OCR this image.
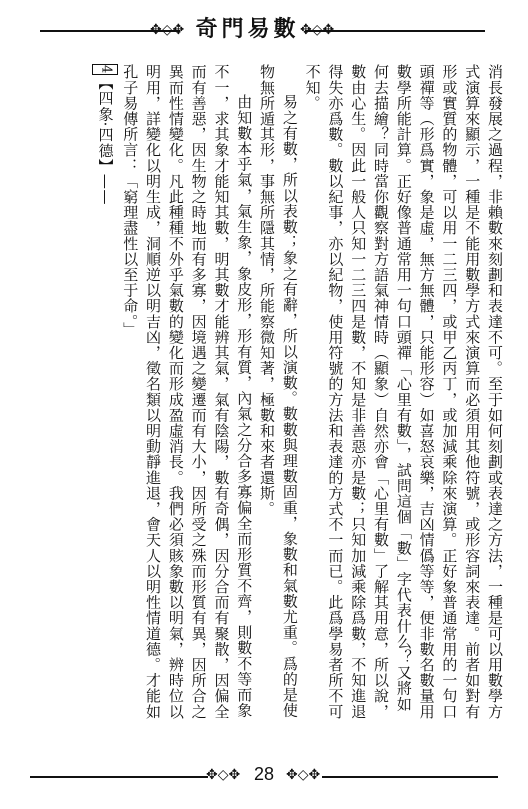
✥◇✥ 奇門易數 ✥◇✥

消長發展之過程，非賴數來刻劃和表達不可。至于如何刻劃或表達之方法，一種是可以用數學方式演算來顯示，一種是不能用數學方式來演算而必須用其他符號，或形容詞來表達。前者如對有形或實質的物體，可以用一二三四，或甲乙丙丁，或加減乘除來演算。正好象普通常用的一句口頭禪等（形爲實，象是虛，無方無體，只能形容）如喜怒哀樂，吉凶情僞等等，便非數名數量用數學所能計算。正好像普通常用一句口頭禪「心里有數」，試問這個「數」字代表什么？又將如何去描繪？同時當你觀察對方語氣神情時（顯象）自然亦會「心里有數」了解其用意，所以說，數由心生。因此一般人只知一二三四是數，不知是非善惡亦是數；只知加減乘除爲數，不知進退得失亦爲數。數以紀事，亦以紀物，使用符號的方法和表達的方式不一而已。此爲學易者所不可不知。

易之有數，所以表數；象之有辭，所以演數。數數與理數固重，象數和氣數尤重。爲的是使物無所遁其形，事無所隱其情，所能察微知著，極數和來者還斯。

由知數本乎氣，氣生象，象皮形，形有質，內氣之分合多寡偏全而形質不齊，則數不等而象不一，求其象才能知其數，明其數才能辨其氣，氣有陰陽，數有奇偶，因分合而有聚散，因偏全而有善惡，因生物之時地而有多寡，因境遇之變遷而有大小，因所受之殊而形質有異，因所合之異而性情變化。凡此種種不外乎氣數的變化而形成盈虛消長。我們必須賅象數以明氣，辨時位以明用，詳變化以明生成，洞順逆以明吉凶，徵名類以明動靜進退，會天人以明性情道德。才能如孔子易傳所言：「窮理盡性以至于命。」

4【四象·四德】——

✥◇✥ 28 ✥◇✥
